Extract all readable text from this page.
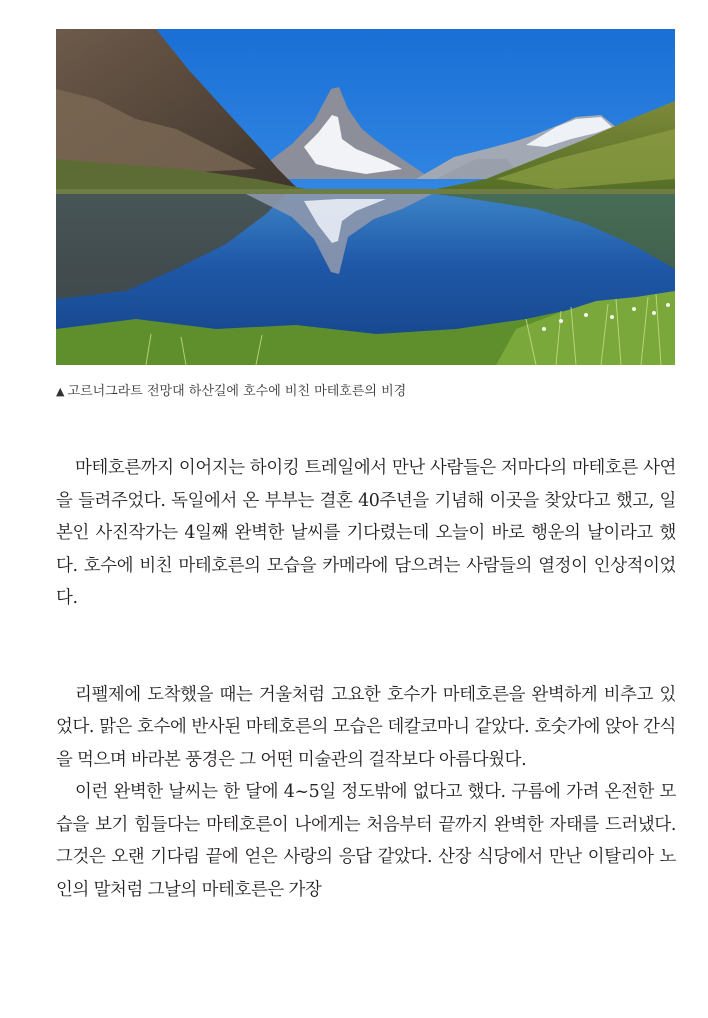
▲ 고르너그라트 전망대 하산길에 호수에 비친 마테호른의 비경

마테호른까지 이어지는 하이킹 트레일에서 만난 사람들은 저마다의 마테호른 사연을 들려주었다. 독일에서 온 부부는 결혼 40주년을 기념해 이곳을 찾았다고 했고, 일본인 사진작가는 4일째 완벽한 날씨를 기다렸는데 오늘이 바로 행운의 날이라고 했다. 호수에 비친 마테호른의 모습을 카메라에 담으려는 사람들의 열정이 인상적이었다.

리펠제에 도착했을 때는 거울처럼 고요한 호수가 마테호른을 완벽하게 비추고 있었다. 맑은 호수에 반사된 마테호른의 모습은 데칼코마니 같았다. 호숫가에 앉아 간식을 먹으며 바라본 풍경은 그 어떤 미술관의 걸작보다 아름다웠다.

이런 완벽한 날씨는 한 달에 4~5일 정도밖에 없다고 했다. 구름에 가려 온전한 모습을 보기 힘들다는 마테호른이 나에게는 처음부터 끝까지 완벽한 자태를 드러냈다. 그것은 오랜 기다림 끝에 얻은 사랑의 응답 같았다. 산장 식당에서 만난 이탈리아 노인의 말처럼 그날의 마테호른은 가장
